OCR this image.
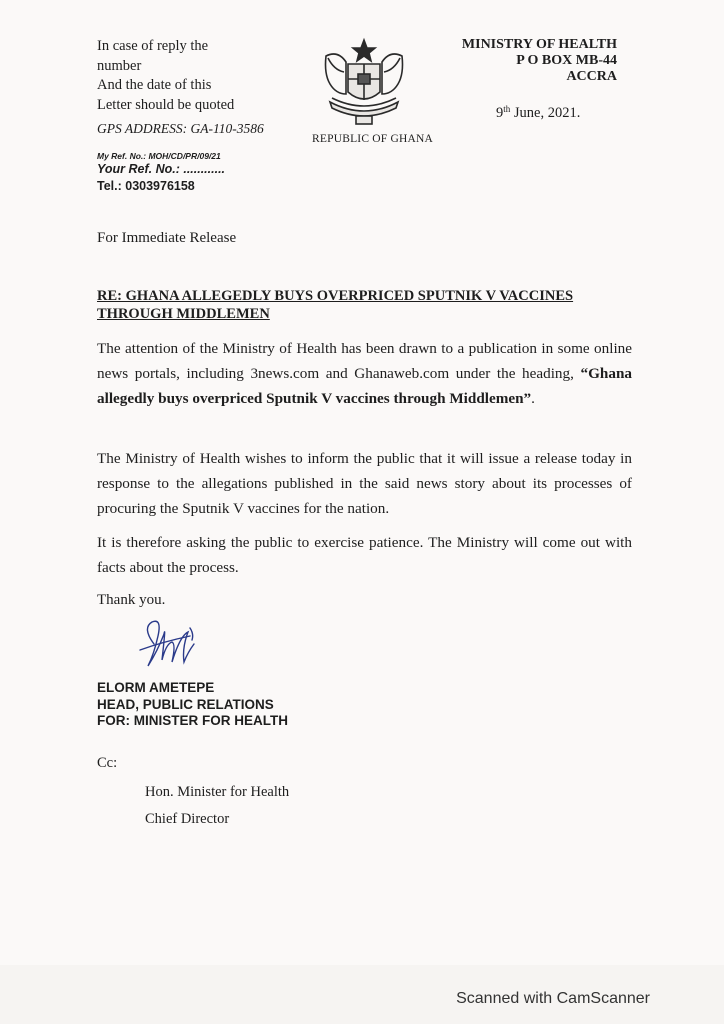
In case of reply the
number
And the date of this
Letter should be quoted
GPS ADDRESS: GA-110-3586
My Ref. No.: MOH/CD/PR/09/21
Your Ref. No.: ............
Tel.: 0303976158
REPUBLIC OF GHANA
MINISTRY OF HEALTH
P O BOX MB-44
ACCRA
9th June, 2021.
For Immediate Release
RE: GHANA ALLEGEDLY BUYS OVERPRICED SPUTNIK V VACCINES THROUGH MIDDLEMEN
The attention of the Ministry of Health has been drawn to a publication in some online news portals, including 3news.com and Ghanaweb.com under the heading, “Ghana allegedly buys overpriced Sputnik V vaccines through Middlemen”.
The Ministry of Health wishes to inform the public that it will issue a release today in response to the allegations published in the said news story about its processes of procuring the Sputnik V vaccines for the nation.
It is therefore asking the public to exercise patience. The Ministry will come out with facts about the process.
Thank you.
ELORM AMETEPE
HEAD, PUBLIC RELATIONS
FOR: MINISTER FOR HEALTH
Cc:
Hon. Minister for Health
Chief Director
Scanned with CamScanner
